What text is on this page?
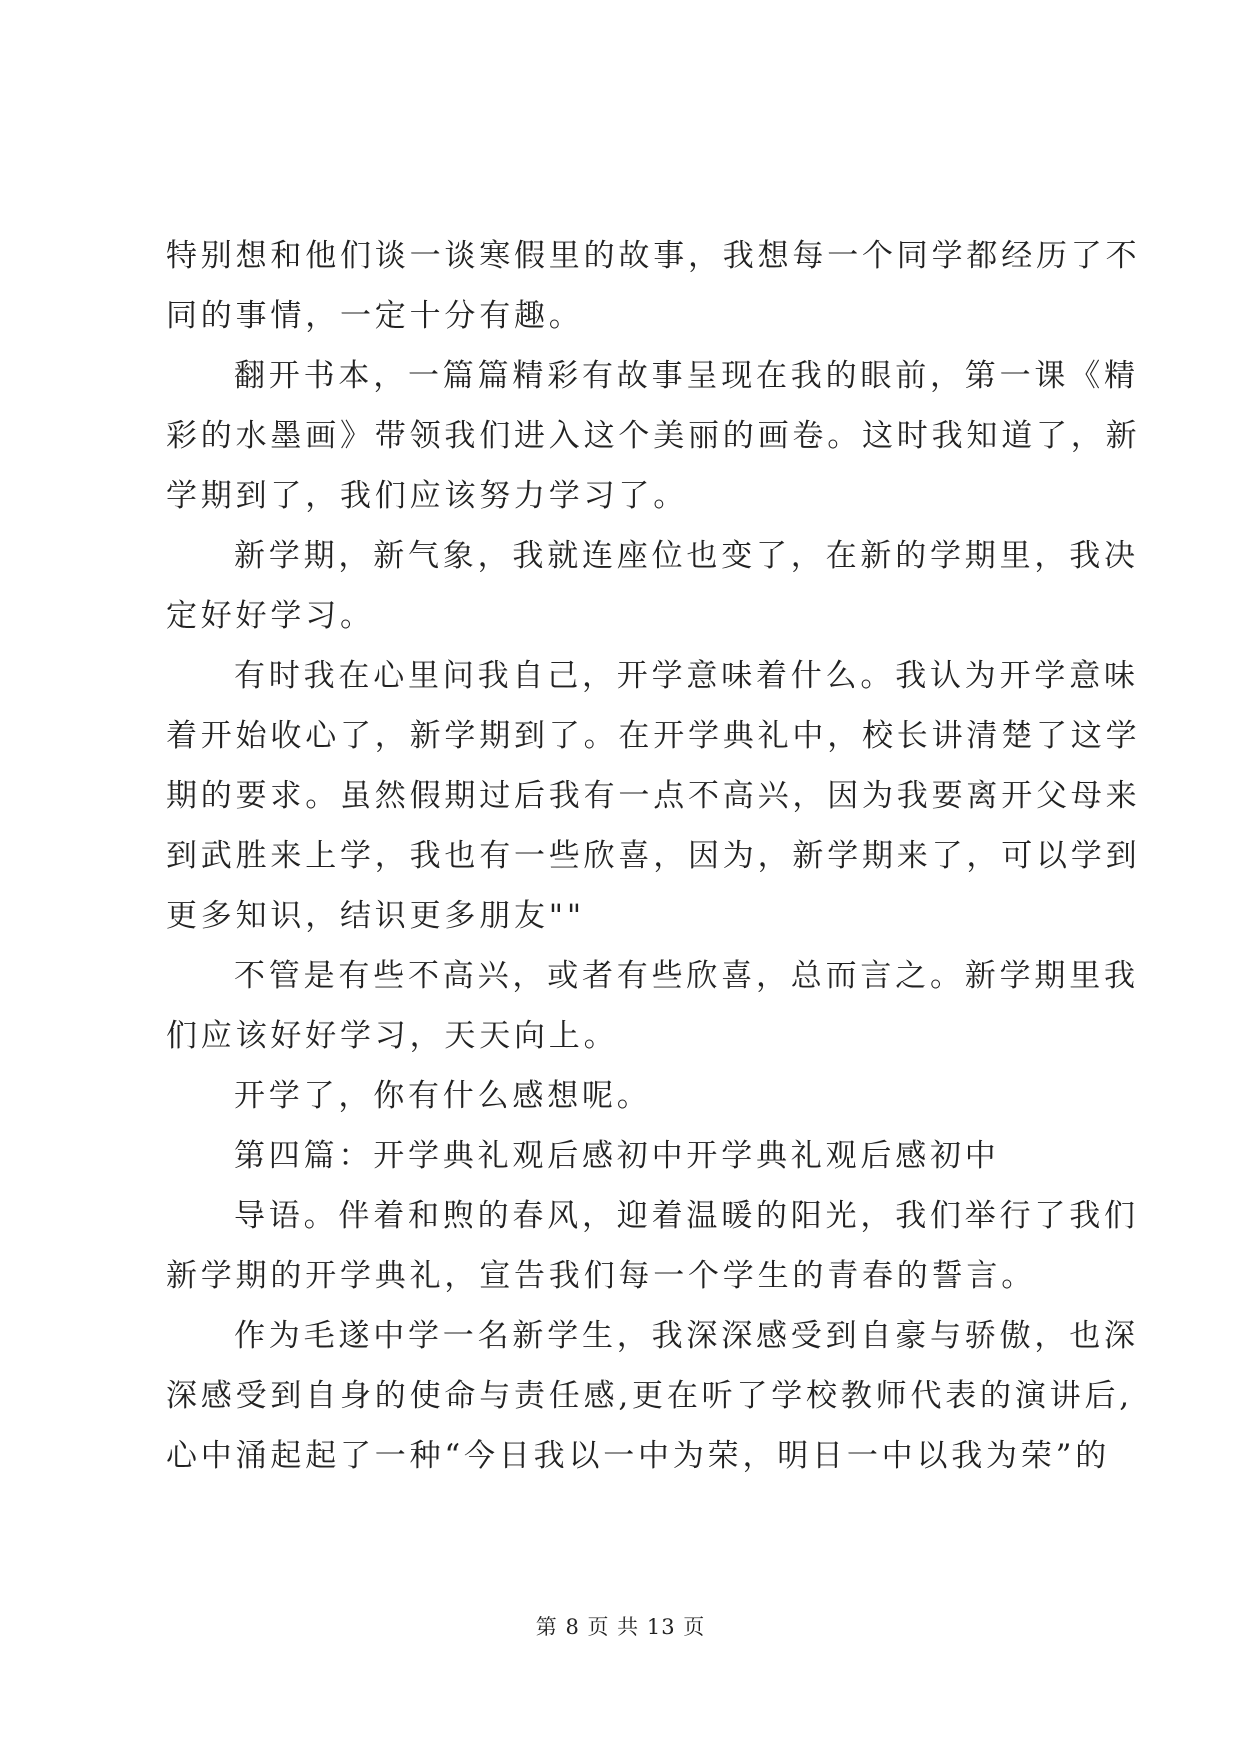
特别想和他们谈一谈寒假里的故事，我想每一个同学都经历了不
同的事情，一定十分有趣。
翻开书本，一篇篇精彩有故事呈现在我的眼前，第一课《精
彩的水墨画》带领我们进入这个美丽的画卷。这时我知道了，新
学期到了，我们应该努力学习了。
新学期，新气象，我就连座位也变了，在新的学期里，我决
定好好学习。
有时我在心里问我自己，开学意味着什么。我认为开学意味
着开始收心了，新学期到了。在开学典礼中，校长讲清楚了这学
期的要求。虽然假期过后我有一点不高兴，因为我要离开父母来
到武胜来上学，我也有一些欣喜，因为，新学期来了，可以学到
更多知识，结识更多朋友""
不管是有些不高兴，或者有些欣喜，总而言之。新学期里我
们应该好好学习，天天向上。
开学了，你有什么感想呢。
第四篇：开学典礼观后感初中开学典礼观后感初中
导语。伴着和煦的春风，迎着温暖的阳光，我们举行了我们
新学期的开学典礼，宣告我们每一个学生的青春的誓言。
作为毛遂中学一名新学生，我深深感受到自豪与骄傲，也深
深感受到自身的使命与责任感,更在听了学校教师代表的演讲后,
心中涌起起了一种“今日我以一中为荣，明日一中以我为荣”的
第 8 页 共 13 页
